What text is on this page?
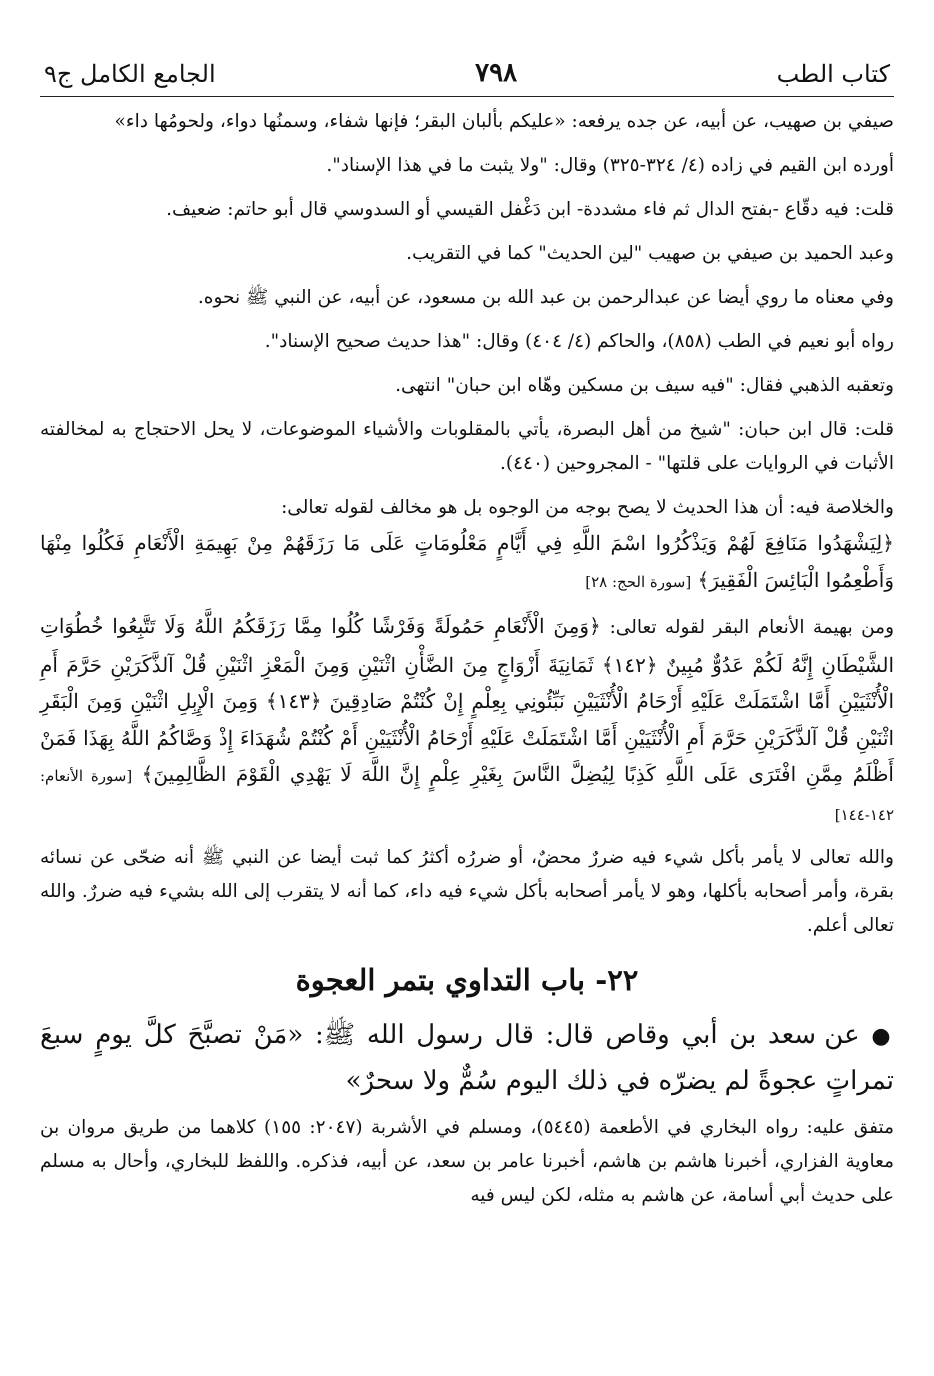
كتاب الطب
٧٩٨
الجامع الكامل ج٩

صيفي بن صهيب، عن أبيه، عن جده يرفعه: «عليكم بألبان البقر؛ فإنها شفاء، وسمنُها دواء، ولحومُها داء»

أورده ابن القيم في زاده (٤/ ٣٢٤-٣٢٥) وقال: "ولا يثبت ما في هذا الإسناد".

قلت: فيه دقّاع -بفتح الدال ثم فاء مشددة- ابن دَغْفل القيسي أو السدوسي قال أبو حاتم: ضعيف.

وعبد الحميد بن صيفي بن صهيب "لين الحديث" كما في التقريب.

وفي معناه ما روي أيضا عن عبدالرحمن بن عبد الله بن مسعود، عن أبيه، عن النبي ﷺ نحوه.

رواه أبو نعيم في الطب (٨٥٨)، والحاكم (٤/ ٤٠٤) وقال: "هذا حديث صحيح الإسناد".

وتعقبه الذهبي فقال: "فيه سيف بن مسكين وهّاه ابن حبان" انتهى.

قلت: قال ابن حبان: "شيخ من أهل البصرة، يأتي بالمقلوبات والأشياء الموضوعات، لا يحل الاحتجاج به لمخالفته الأثبات في الروايات على قلتها" - المجروحين (٤٤٠).

والخلاصة فيه: أن هذا الحديث لا يصح بوجه من الوجوه بل هو مخالف لقوله تعالى:

﴿لِيَشْهَدُوا مَنَافِعَ لَهُمْ وَيَذْكُرُوا اسْمَ اللَّهِ فِي أَيَّامٍ مَعْلُومَاتٍ عَلَى مَا رَزَقَهُمْ مِنْ بَهِيمَةِ الْأَنْعَامِ فَكُلُوا مِنْهَا وَأَطْعِمُوا الْبَائِسَ الْفَقِيرَ﴾ [سورة الحج: ٢٨]

ومن بهيمة الأنعام البقر لقوله تعالى: ﴿وَمِنَ الْأَنْعَامِ حَمُولَةً وَفَرْشًا كُلُوا مِمَّا رَزَقَكُمُ اللَّهُ وَلَا تَتَّبِعُوا خُطُوَاتِ الشَّيْطَانِ إِنَّهُ لَكُمْ عَدُوٌّ مُبِينٌ ﴿١٤٢﴾ ثَمَانِيَةَ أَزْوَاجٍ مِنَ الضَّأْنِ اثْنَيْنِ وَمِنَ الْمَعْزِ اثْنَيْنِ قُلْ آلذَّكَرَيْنِ حَرَّمَ أَمِ الْأُنْثَيَيْنِ أَمَّا اشْتَمَلَتْ عَلَيْهِ أَرْحَامُ الْأُنْثَيَيْنِ نَبِّئُونِي بِعِلْمٍ إِنْ كُنْتُمْ صَادِقِينَ ﴿١٤٣﴾ وَمِنَ الْإِبِلِ اثْنَيْنِ وَمِنَ الْبَقَرِ اثْنَيْنِ قُلْ آلذَّكَرَيْنِ حَرَّمَ أَمِ الْأُنْثَيَيْنِ أَمَّا اشْتَمَلَتْ عَلَيْهِ أَرْحَامُ الْأُنْثَيَيْنِ أَمْ كُنْتُمْ شُهَدَاءَ إِذْ وَصَّاكُمُ اللَّهُ بِهَذَا فَمَنْ أَظْلَمُ مِمَّنِ افْتَرَى عَلَى اللَّهِ كَذِبًا لِيُضِلَّ النَّاسَ بِغَيْرِ عِلْمٍ إِنَّ اللَّهَ لَا يَهْدِي الْقَوْمَ الظَّالِمِينَ﴾ [سورة الأنعام: ١٤٢-١٤٤]

والله تعالى لا يأمر بأكل شيء فيه ضررٌ محضٌ، أو ضررُه أكثرُ كما ثبت أيضا عن النبي ﷺ أنه ضحّى عن نسائه بقرة، وأمر أصحابه بأكلها، وهو لا يأمر أصحابه بأكل شيء فيه داء، كما أنه لا يتقرب إلى الله بشيء فيه ضررٌ. والله تعالى أعلم.

٢٢- باب التداوي بتمر العجوة

● عن سعد بن أبي وقاص قال: قال رسول الله ﷺ: «مَنْ تصبَّحَ كلَّ يومٍ سبعَ تمراتٍ عجوةً لم يضرّه في ذلك اليوم سُمٌّ ولا سحرٌ»

متفق عليه: رواه البخاري في الأطعمة (٥٤٤٥)، ومسلم في الأشربة (٢٠٤٧: ١٥٥) كلاهما من طريق مروان بن معاوية الفزاري، أخبرنا هاشم بن هاشم، أخبرنا عامر بن سعد، عن أبيه، فذكره. واللفظ للبخاري، وأحال به مسلم على حديث أبي أسامة، عن هاشم به مثله، لكن ليس فيه
